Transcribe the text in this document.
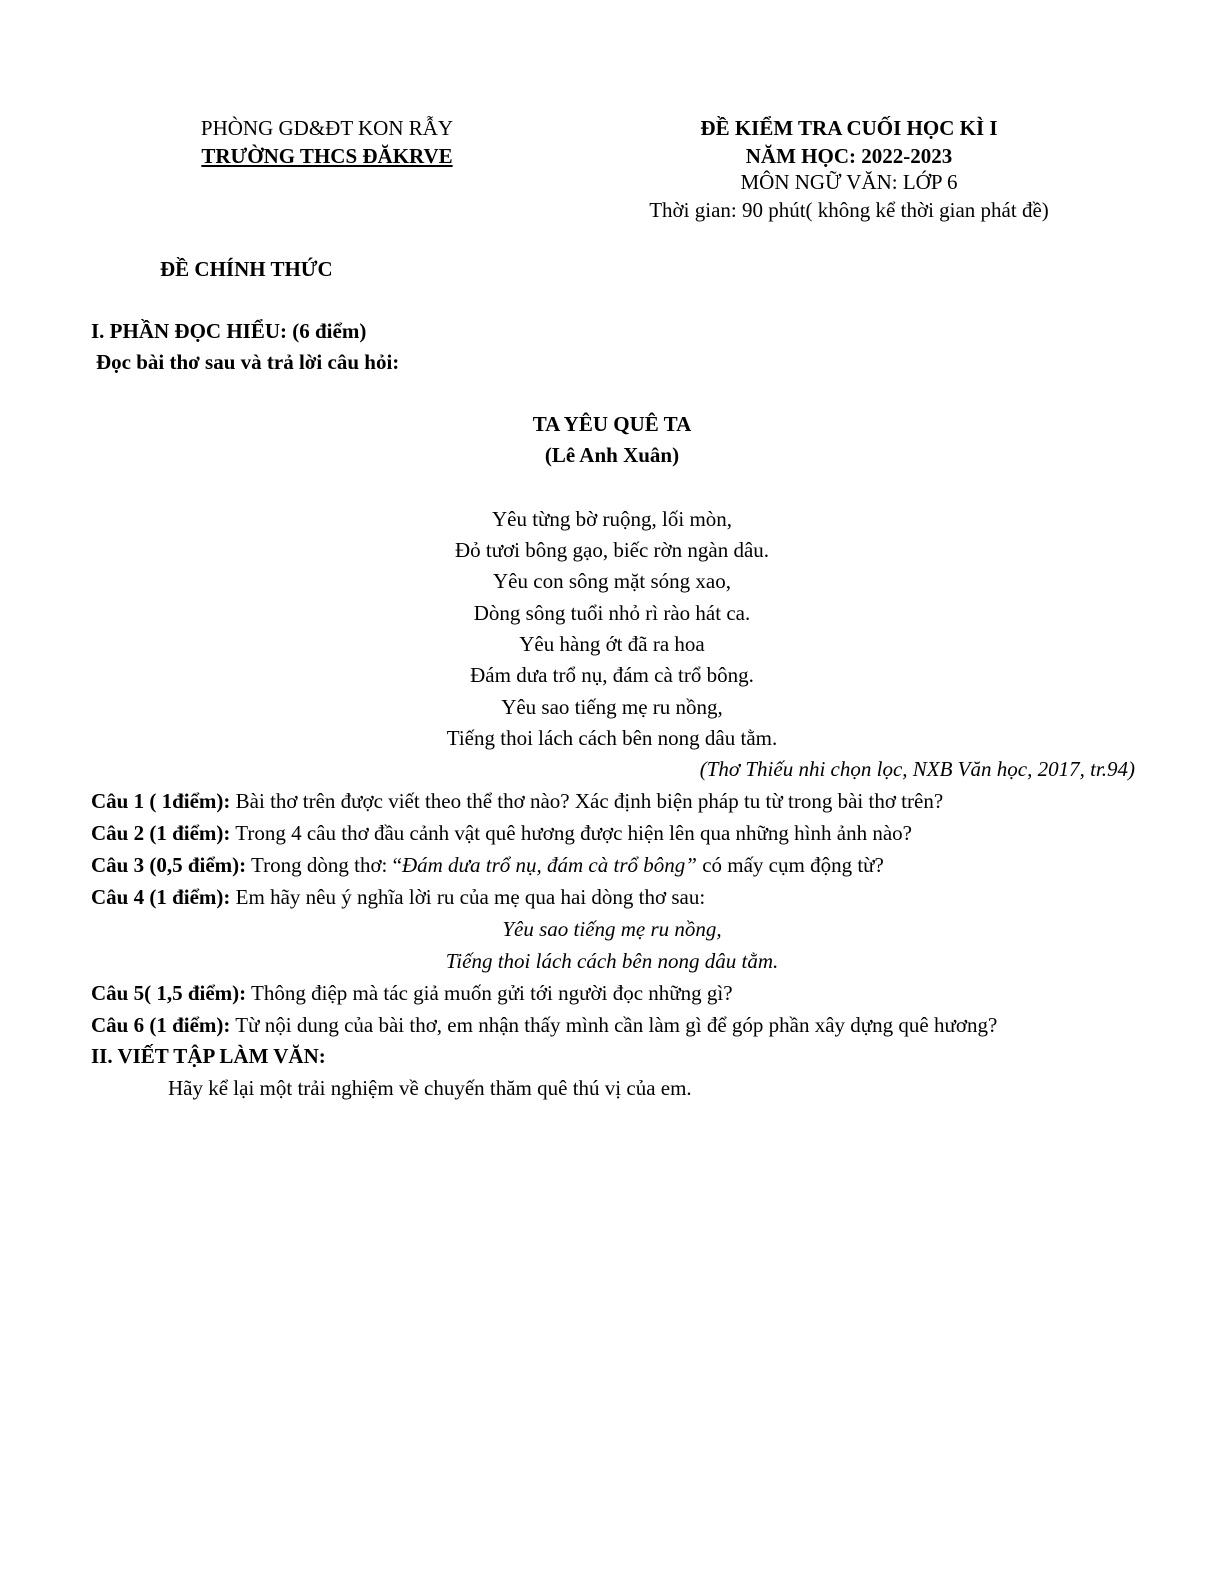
PHÒNG GD&ĐT KON RẪY
TRƯỜNG THCS ĐĂKRVE
ĐỀ KIỂM TRA CUỐI HỌC KÌ I
NĂM HỌC: 2022-2023
MÔN NGỮ VĂN: LỚP 6
Thời gian: 90 phút( không kể thời gian phát đề)
ĐỀ CHÍNH THỨC
I. PHẦN ĐỌC HIỂU: (6 điểm)
Đọc bài thơ sau và trả lời câu hỏi:
TA YÊU QUÊ TA
(Lê Anh Xuân)
Yêu từng bờ ruộng, lối mòn,
Đỏ tươi bông gạo, biếc rờn ngàn dâu.
Yêu con sông mặt sóng xao,
Dòng sông tuổi nhỏ rì rào hát ca.
Yêu hàng ớt đã ra hoa
Đám dưa trổ nụ, đám cà trổ bông.
Yêu sao tiếng mẹ ru nồng,
Tiếng thoi lách cách bên nong dâu tằm.
(Thơ Thiếu nhi chọn lọc, NXB Văn học, 2017, tr.94)
Câu 1 ( 1điểm): Bài thơ trên được viết theo thể thơ nào? Xác định biện pháp tu từ trong bài thơ trên?
Câu 2 (1 điểm): Trong 4 câu thơ đầu cảnh vật quê hương được hiện lên qua những hình ảnh nào?
Câu 3 (0,5 điểm): Trong dòng thơ: “Đám dưa trổ nụ, đám cà trổ bông” có mấy cụm động từ?
Câu 4 (1 điểm): Em hãy nêu ý nghĩa lời ru của mẹ qua hai dòng thơ sau:
Yêu sao tiếng mẹ ru nồng,
Tiếng thoi lách cách bên nong dâu tằm.
Câu 5( 1,5 điểm): Thông điệp mà tác giả muốn gửi tới người đọc những gì?
Câu 6 (1 điểm): Từ nội dung của bài thơ, em nhận thấy mình cần làm gì để góp phần xây dựng quê hương?
II. VIẾT TẬP LÀM VĂN:
Hãy kể lại một trải nghiệm về chuyến thăm quê thú vị của em.
